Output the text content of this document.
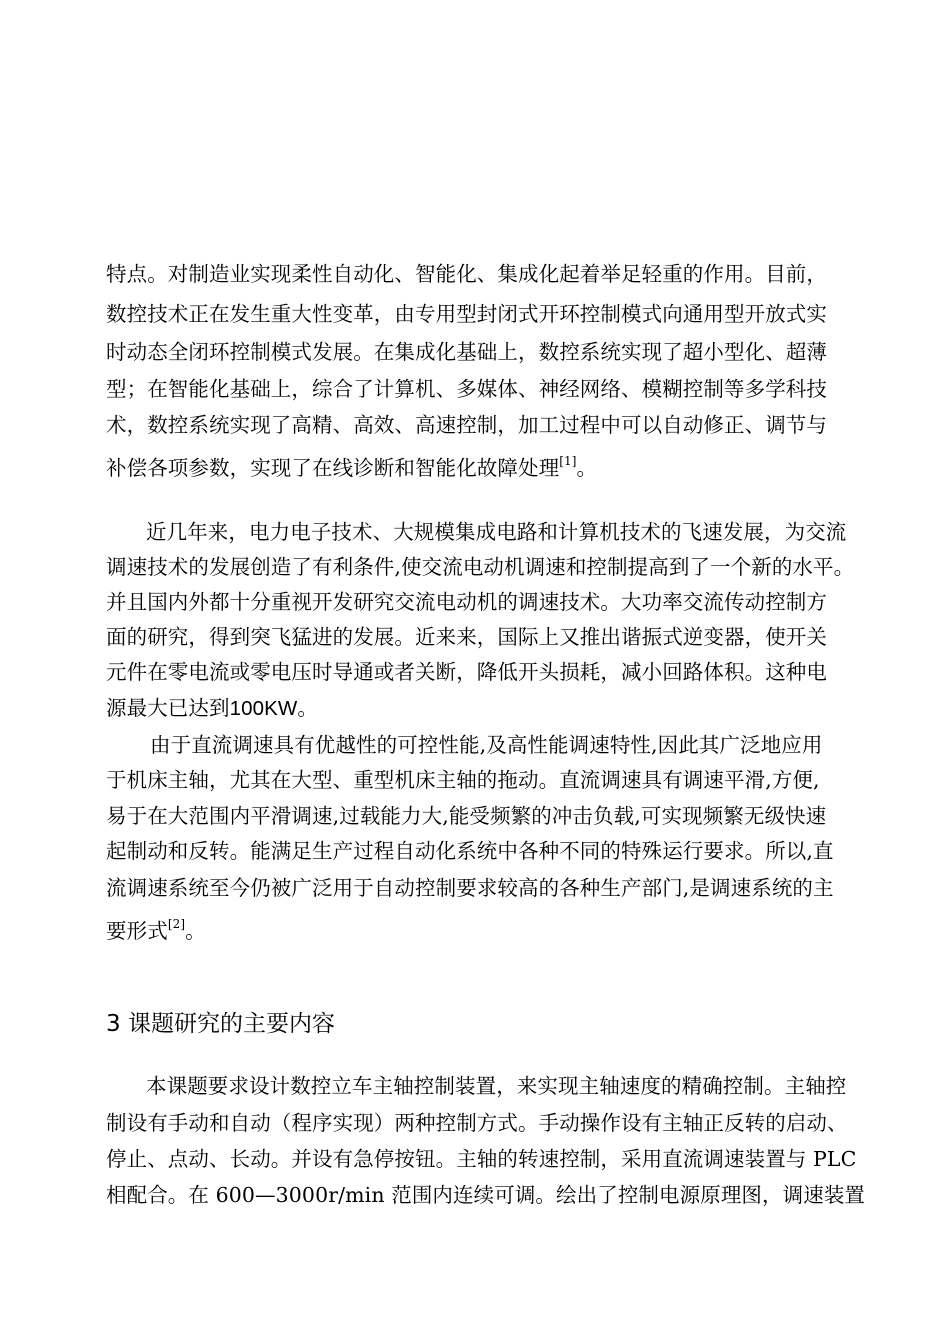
特点。对制造业实现柔性自动化、智能化、集成化起着举足轻重的作用。目前，
数控技术正在发生重大性变革，由专用型封闭式开环控制模式向通用型开放式实
时动态全闭环控制模式发展。在集成化基础上，数控系统实现了超小型化、超薄
型；在智能化基础上，综合了计算机、多媒体、神经网络、模糊控制等多学科技
术，数控系统实现了高精、高效、高速控制，加工过程中可以自动修正、调节与
补偿各项参数，实现了在线诊断和智能化故障处理[1]。
近几年来，电力电子技术、大规模集成电路和计算机技术的飞速发展，为交流
调速技术的发展创造了有利条件,使交流电动机调速和控制提高到了一个新的水平。
并且国内外都十分重视开发研究交流电动机的调速技术。大功率交流传动控制方
面的研究，得到突飞猛进的发展。近来来，国际上又推出谐振式逆变器，使开关
元件在零电流或零电压时导通或者关断，降低开头损耗，减小回路体积。这种电
源最大已达到100KW。
由于直流调速具有优越性的可控性能,及高性能调速特性,因此其广泛地应用
于机床主轴，尤其在大型、重型机床主轴的拖动。直流调速具有调速平滑,方便,
易于在大范围内平滑调速,过载能力大,能受频繁的冲击负载,可实现频繁无级快速
起制动和反转。能满足生产过程自动化系统中各种不同的特殊运行要求。所以,直
流调速系统至今仍被广泛用于自动控制要求较高的各种生产部门,是调速系统的主
要形式[2]。
3 课题研究的主要内容
本课题要求设计数控立车主轴控制装置，来实现主轴速度的精确控制。主轴控
制设有手动和自动（程序实现）两种控制方式。手动操作设有主轴正反转的启动、
停止、点动、长动。并设有急停按钮。主轴的转速控制，采用直流调速装置与 PLC
相配合。在 600—3000r/min 范围内连续可调。绘出了控制电源原理图，调速装置
